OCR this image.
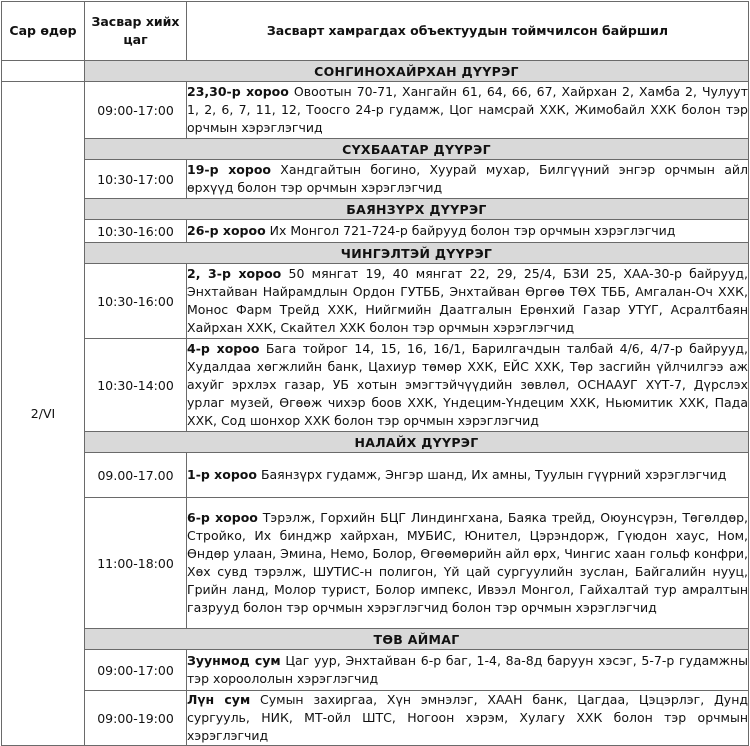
Сар өдөр	Засвар хийх цаг	Засварт хамрагдах объектуудын тоймчилсон байршил
	СОНГИНОХАЙРХАН ДҮҮРЭГ	
2/VI	09:00-17:00	23,30-р хороо Овоотын 70-71, Хангайн 61, 64, 66, 67, Хайрхан 2, Хамба 2, Чулуут 1, 2, 6, 7, 11, 12, Тоосго 24-р гудамж, Цог намсрай ХХК, Жимобайл ХХК болон тэр орчмын хэрэглэгчид
	СҮХБААТАР ДҮҮРЭГ	
	10:30-17:00	19-р хороо Хандгайтын богино, Хуурай мухар, Билгүүний энгэр орчмын айл өрхүүд болон тэр орчмын хэрэглэгчид
	БАЯНЗҮРХ ДҮҮРЭГ	
	10:30-16:00	26-р хороо Их Монгол 721-724-р байрууд болон тэр орчмын хэрэглэгчид
	ЧИНГЭЛТЭЙ ДҮҮРЭГ	
	10:30-16:00	2, 3-р хороо 50 мянгат 19, 40 мянгат 22, 29, 25/4, БЗИ 25, ХАА-30-р байрууд, Энхтайван Найрамдлын Ордон ГУТББ, Энхтайван Өргөө ТӨХ ТББ, Амгалан-Оч ХХК, Монос Фарм Трейд ХХК, Нийгмийн Даатгалын Ерөнхий Газар УТҮГ, Асралтбаян Хайрхан ХХК, Скайтел ХХК болон тэр орчмын хэрэглэгчид
	10:30-14:00	4-р хороо Бага тойрог 14, 15, 16, 16/1, Барилгачдын талбай 4/6, 4/7-р байрууд, Худалдаа хөгжлийн банк, Цахиур төмөр ХХК, ЕЙС ХХК, Төр засгийн үйлчилгээ аж ахуйг эрхлэх газар, УБ хотын эмэгтэйчүүдийн зөвлөл, ОСНААУГ ХҮТ-7, Дүрслэх урлаг музей, Өгөөж чихэр боов ХХК, Үндецим-Үндецим ХХК, Ньюмитик ХХК, Пада ХХК, Сод шонхор ХХК болон тэр орчмын хэрэглэгчид
	НАЛАЙХ ДҮҮРЭГ	
	09.00-17.00	1-р хороо Баянзүрх гудамж, Энгэр шанд, Их амны, Туулын гүүрний хэрэглэгчид
	11:00-18:00	6-р хороо Тэрэлж, Горхийн БЦГ Линдингхана, Баяка трейд, Оюунсүрэн, Төгөлдөр, Стройко, Их бинджр хайрхан, МУБИС, Юнител, Цэрэндорж, Гүюдон хаус, Ном, Өндөр улаан, Эмина, Немо, Болор, Өгөөмөрийн айл өрх, Чингис хаан гольф конфри, Хөх сувд тэрэлж, ШУТИС-н полигон, Үй цай сургуулийн зуслан, Байгалийн нууц, Грийн ланд, Молор турист, Болор импекс, Ивээл Монгол, Гайхалтай тур амралтын газрууд болон тэр орчмын хэрэглэгчид болон тэр орчмын хэрэглэгчид
	ТӨВ АЙМАГ	
	09:00-17:00	Зуунмод сум Цаг уур, Энхтайван 6-р баг, 1-4, 8а-8д баруун хэсэг, 5-7-р гудамжны тэр хороололын хэрэглэгчид
	09:00-19:00	Лүн сум Сумын захиргаа, Хүн эмнэлэг, ХААН банк, Цагдаа, Цэцэрлэг, Дунд сургууль, НИК, МТ-ойл ШТС, Ногоон хэрэм, Хулагу ХХК болон тэр орчмын хэрэглэгчид
